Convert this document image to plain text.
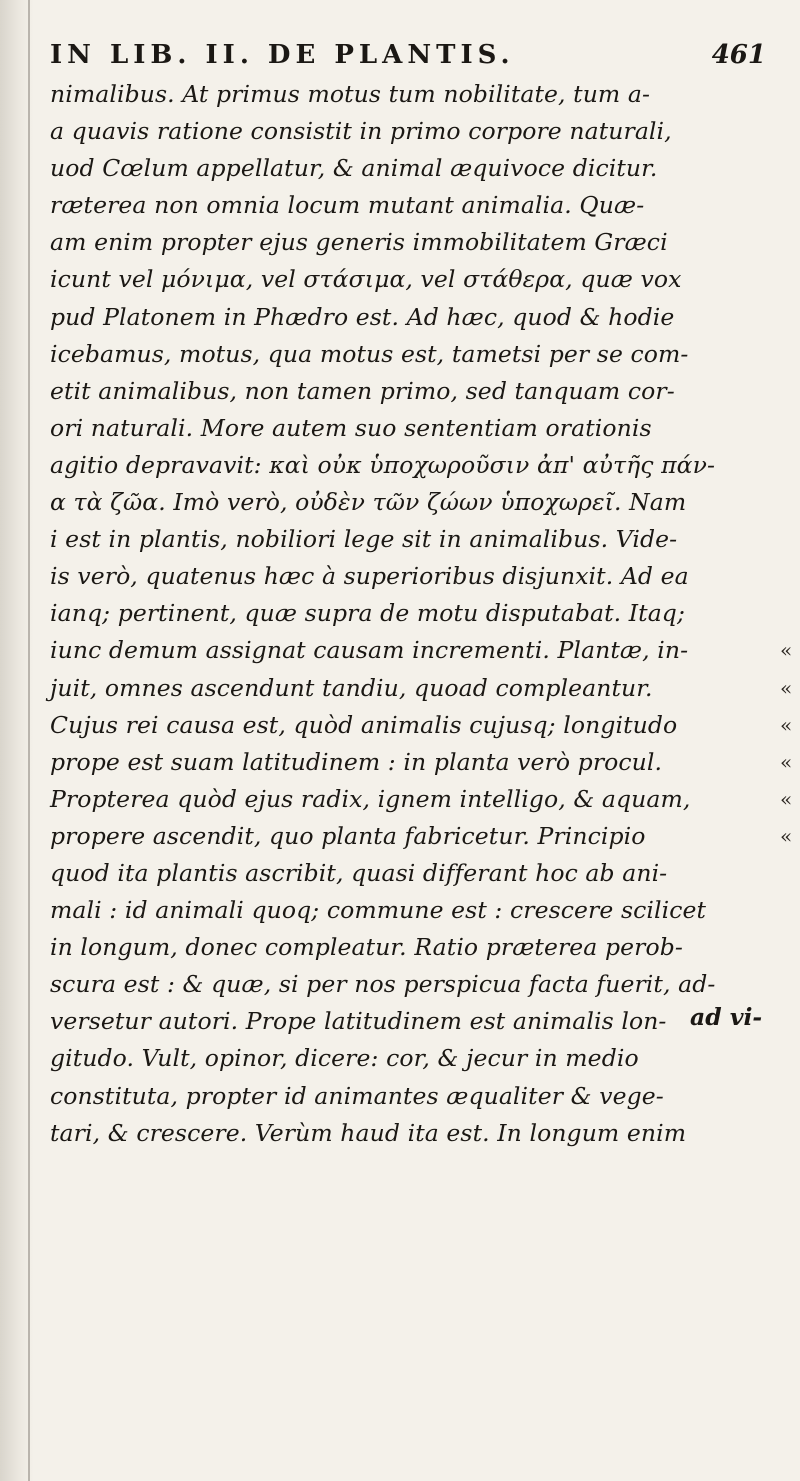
IN LIB. II. DE PLANTIS.	461
nimalibus. At primus motus tum nobilitate, tum a-
a quavis ratione consistit in primo corpore naturali,
uod Cœlum appellatur, & animal æquivoce dicitur.
ræterea non omnia locum mutant animalia. Quæ-
am enim propter ejus generis immobilitatem Græci
icunt vel μόνιμα, vel στάσιμα, vel στάθερα, quæ vox
pud Platonem in Phædro est. Ad hæc, quod & hodie
icebamus, motus, qua motus est, tametsi per se com-
etit animalibus, non tamen primo, sed tanquam cor-
ori naturali. More autem suo sententiam orationis
agitio depravavit: καὶ οὐκ ὑποχωροῦσιν ἀπ' αὐτῆς πάν-
α τὰ ζῶα. Imò verò, οὐδὲν τῶν ζώων ὑποχωρεῖ. Nam
i est in plantis, nobiliori lege sit in animalibus. Vide-
is verò, quatenus hæc à superioribus disjunxit. Ad ea
ianq; pertinent, quæ supra de motu disputabat. Itaq;
iunc demum assignat causam incrementi. Plantæ, in-	«
juit, omnes ascendunt tandiu, quoad compleantur.	«
Cujus rei causa est, quòd animalis cujusq; longitudo	«
prope est suam latitudinem : in planta verò procul.	«
Propterea quòd ejus radix, ignem intelligo, & aquam,	«
propere ascendit, quo planta fabricetur. Principio	«
quod ita plantis ascribit, quasi differant hoc ab ani-
mali : id animali quoq; commune est : crescere scilicet
in longum, donec compleatur. Ratio præterea perob-
scura est : & quæ, si per nos perspicua facta fuerit, ad-
versetur autori. Prope latitudinem est animalis lon-
gitudo. Vult, opinor, dicere: cor, & jecur in medio
constituta, propter id animantes æqualiter & vege-
tari, & crescere. Verùm haud ita est. In longum enim
ad vi-
